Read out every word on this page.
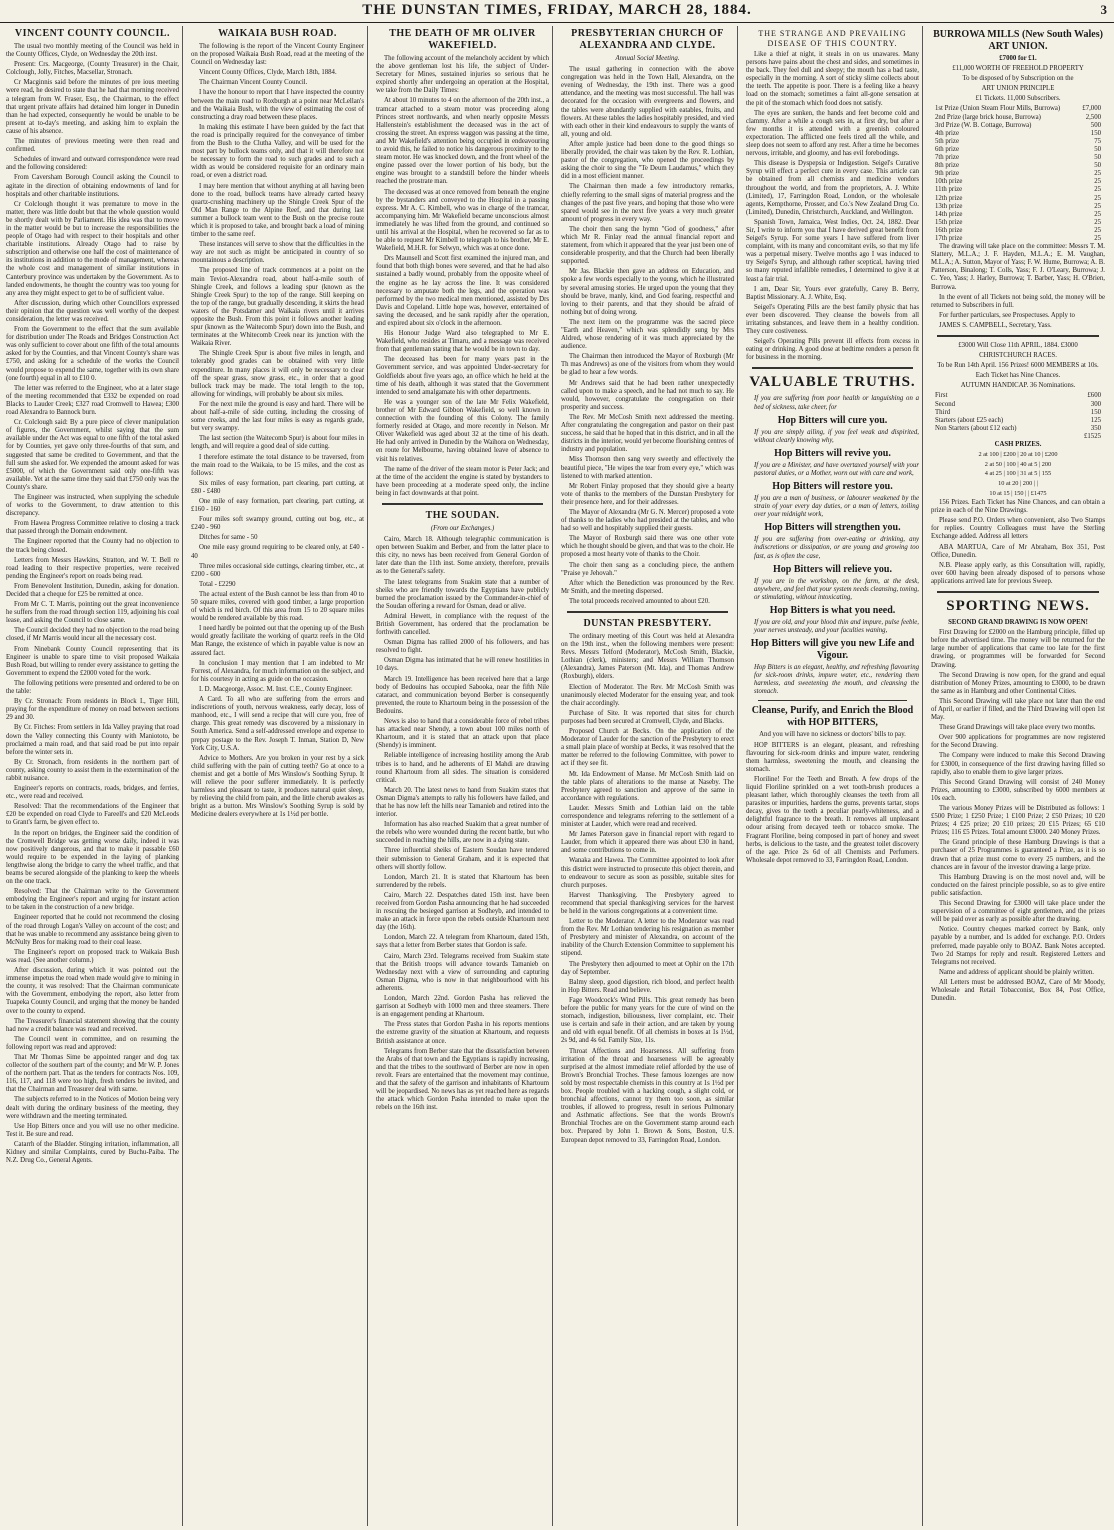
THE DUNSTAN TIMES, FRIDAY, MARCH 28, 1884.	3
VINCENT COUNTY COUNCIL.

The usual two monthly meeting of the Council was held in the County Offices, Clyde, on Wednesday the 20th inst.

Present: Crs. Macgeorge, (County Treasurer) in the Chair, Colclough, Jolly, Fitches, Macsellar, Stronach.

Cr Macginnis said before the minutes of pre ious meeting were read, he desired to state that he had that morning received a telegram from W. Fraser, Esq., the Chairman, to the effect that urgent private affairs had detained him longer in Dunedin than he had expected, consequently he would be unable to be present at to-day's meeting, and asking him to explain the cause of his absence.

The minutes of previous meeting were then read and confirmed.

Schedules of inward and outward correspondence were read and the following considered:

From Caversham Borough Council asking the Council to agitate in the direction of obtaining endowments of land for hospitals and other charitable institutions.

Cr Colclough thought it was premature to move in the matter, there was little doubt but that the whole question would be shortly dealt with by Parliament. His idea was that to move in the matter would be but to increase the responsibilities the people of Otago had with respect to their hospitals and other charitable institutions. Already Otago had to raise by subscription and otherwise one half the cost of maintenance of its institutions in addition to the mode of management, whereas the whole cost and management of similar institutions in Canterbury province was undertaken by the Government. As to landed endowments, he thought the country was too young for any area they might expect to get to be of sufficient value.

After discussion, during which other Councillors expressed their opinion that the question was well worthy of the deepest consideration, the letter was received.

From the Government to the effect that the sum available for distribution under The Roads and Bridges Construction Act was only sufficient to cover about one fifth of the total amounts asked for by the Counties, and that Vincent County's share was £750, and asking for a schedule of the works the Council would propose to expend the same, together with its own share (one fourth) equal in all to £10 0.

The letter was referred to the Engineer, who at a later stage of the meeting recommended that £332 be expended on road Blacks to Lauder Creek; £327 road Cromwell to Hawea; £300 road Alexandra to Bannock burn.

Cr. Colclough said: By a pure piece of clever manipulation of figures, the Government, whilst saying that the sum available under the Act was equal to one fifth of the total asked for by Counties, yet gave only three-fourths of that sum, and suggested that same be credited to Government, and that the full sum she asked for. We expended the amount asked for was £5000, of which the Government said only one-fifth was available. Yet at the same time they said that £750 only was the County's share.

The Engineer was instructed, when supplying the schedule of works to the Government, to draw attention to this discrepancy.

From Hawea Progress Committee relative to closing a track that passed through the Domain endowment.

The Engineer reported that the County had no objection to the track being closed.

Letters from Messrs Hawkins, Stratton, and W. T. Bell re road leading to their respective properties, were received pending the Engineer's report on roads being read.

From Benevolent Institution, Dunedin, asking for donation. Decided that a cheque for £25 be remitted at once.

From Mr C. T. Marris, pointing out the great inconvenience he suffers from the road through section 119, adjoining his coal lease, and asking the Council to close same.

The Council decided they had no objection to the road being closed, if Mr Marris would incur all the necessary cost.

From Ninebank County Council representing that its Engineer is unable to spare time to visit proposed Waikaia Bush Road, but willing to render every assistance to getting the Government to expend the £2000 voted for the work.

The following petitions were presented and ordered to be on the table:

By Cr. Stronach: From residents in Block I., Tiger Hill, praying for the expenditure of money on road between sections 29 and 30.

By Cr. Fitches: From settlers in Ida Valley praying that road down the Valley connecting this County with Maniototo, be proclaimed a main road, and that said road be put into repair before the winter sets in.

By Cr. Stronach, from residents in the northern part of county, asking county to assist them in the extermination of the rabbit nuisance.

Engineer's reports on contracts, roads, bridges, and ferries, etc., were read and received.

Resolved: That the recommendations of the Engineer that £20 be expended on road Clyde to Fareell's and £20 McLeods to Grant's farm, be given effect to.

In the report on bridges, the Engineer said the condition of the Cromwell Bridge was getting worse daily, indeed it was now positively dangerous, and that to make it passable £60 would require to be expended in the laying of planking lengthwise along the bridge to carry the wheel traffic, and that beams be secured alongside of the planking to keep the wheels on the one track.

Resolved: That the Chairman write to the Government embodying the Engineer's report and urging for instant action to be taken in the construction of a new bridge.

Engineer reported that he could not recommend the closing of the road through Logan's Valley on account of the cost; and that he was unable to recommend any assistance being given to McNulty Bros for making road to their coal lease.

The Engineer's report on proposed track to Waikaia Bush was read. (See another column.)

After discussion, during which it was pointed out the immense impetus the road when made would give to mining in the county, it was resolved: That the Chairman communicate with the Government, embodying the report, also letter from Tuapeka County Council, and urging that the money be handed over to the county to expend.

The Treasurer's financial statement showing that the county had now a credit balance was read and received.

The Council went in committee, and on resuming the following report was read and approved:

That Mr Thomas Sime be appointed ranger and dog tax collector of the southern part of the county; and Mr W. P. Jones of the northern part. That as the tenders for contracts Nos. 109, 116, 117, and 118 were too high, fresh tenders be invited, and that the Chairman and Treasurer deal with same.

The subjects referred to in the Notices of Motion being very dealt with during the ordinary business of the meeting, they were withdrawn and the meeting terminated.

Use Hop Bitters once and you will use no other medicine. Test it. Be sure and read.

Catarrh of the Bladder. Stinging irritation, inflammation, all Kidney and similar Complaints, cured by Buchu-Paiba. The N.Z. Drug Co., General Agents.

WAIKAIA BUSH ROAD.

The following is the report of the Vincent County Engineer on the proposed Waikaia Bush Road, read at the meeting of the Council on Wednesday last:

Vincent County Offices, Clyde, March 18th, 1884.

The Chairman Vincent County Council.

I have the honour to report that I have inspected the country between the main road to Roxburgh at a point near McLellan's and the Waikaia Bush, with the view of estimating the cost of constructing a dray road between these places.

In making this estimate I have been guided by the fact that the road is principally required for the conveyance of timber from the Bush to the Clutha Valley, and will be used for the most part by bullock teams only, and that it will therefore not be necessary to form the road to such grades and to such a width as would be considered requisite for an ordinary main road, or even a district road.

I may here mention that without anything at all having been done to the road, bullock teams have already carted heavy quartz-crushing machinery up the Shingle Creek Spur of the Old Man Range to the Alpine Reef, and that during last summer a bullock team went to the Bush on the precise route which it is proposed to take, and brought back a load of mining timber to the same reef.

These instances will serve to show that the difficulties in the way are not such as might be anticipated in country of so mountainous a description.

The proposed line of track commences at a point on the main Teviot-Alexandra road, about half-a-mile south of Shingle Creek, and follows a leading spur (known as the Shingle Creek Spur) to the top of the range. Still keeping on the top of the range, but gradually descending, it skirts the head waters of the Potsdamer and Waikaia rivers until it arrives opposite the Bush. From this point it follows another leading spur (known as the Waitecomb Spur) down into the Bush, and terminates at the Whitecomb Creek near its junction with the Waikaia River.

The Shingle Creek Spur is about five miles in length, and tolerably good grades can be obtained with very little expenditure. In many places it will only be necessary to clear off the spear grass, snow grass, etc., in order that a good bullock track may be made. The total length to the top, allowing for windings, will probably be about six miles.

For the next mile the ground is easy and hard. There will be about half-a-mile of side cutting, including the crossing of some creeks, and the last four miles is easy as regards grade, but very swampy.

The last section (the Waitecomb Spur) is about four miles in length, and will require a good deal of side cutting.

I therefore estimate the total distance to be traversed, from the main road to the Waikaia, to be 15 miles, and the cost as follows:

Six miles of easy formation, part clearing, part cutting, at £80 - £480

One mile of easy formation, part clearing, part cutting, at £160 - 160

Four miles soft swampy ground, cutting out bog, etc., at £240 - 960

Ditches for same - 50

One mile easy ground requiring to be cleared only, at £40 - 40

Three miles occasional side cuttings, clearing timber, etc., at £200 - 600

Total - £2290

The actual extent of the Bush cannot be less than from 40 to 50 square miles, covered with good timber, a large proportion of which is red birch. Of this area from 15 to 20 square miles would be rendered available by this road.

I need hardly be pointed out that the opening up of the Bush would greatly facilitate the working of quartz reefs in the Old Man Range, the existence of which in payable value is now an assured fact.

In conclusion I may mention that I am indebted to Mr Forrest, of Alexandra, for much information on the subject, and for his courtesy in acting as guide on the occasion.

I. D. Macgeorge, Assoc. M. Inst. C.E., County Engineer.

A Card. To all who are suffering from the errors and indiscretions of youth, nervous weakness, early decay, loss of manhood, etc., I will send a recipe that will cure you, free of charge. This great remedy was discovered by a missionary in South America. Send a self-addressed envelope and expense to prepay postage to the Rev. Joseph T. Inman, Station D, New York City, U.S.A.

Advice to Mothers. Are you broken in your rest by a sick child suffering with the pain of cutting teeth? Go at once to a chemist and get a bottle of Mrs Winslow's Soothing Syrup. It will relieve the poor sufferer immediately. It is perfectly harmless and pleasant to taste, it produces natural quiet sleep, by relieving the child from pain, and the little cherub awakes as bright as a button. Mrs Winslow's Soothing Syrup is sold by Medicine dealers everywhere at 1s 1½d per bottle.

THE DEATH OF MR OLIVER WAKEFIELD.

The following account of the melancholy accident by which the above gentleman lost his life, the subject of Under-Secretary for Mines, sustained injuries so serious that he expired shortly after undergoing an operation at the Hospital, we take from the Daily Times:

At about 10 minutes to 4 on the afternoon of the 20th inst., a tramcar attached to a steam motor was proceeding along Princes street northwards, and when nearly opposite Messrs Hallenstein's establishment the deceased was in the act of crossing the street. An express waggon was passing at the time, and Mr Wakefield's attention being occupied in endeavouring to avoid this, he failed to notice his dangerous proximity to the steam motor. He was knocked down, and the front wheel of the engine passed over the lower portion of his body, but the engine was brought to a standstill before the hinder wheels reached the prostrate man.

The deceased was at once removed from beneath the engine by the bystanders and conveyed to the Hospital in a passing express. Mr A. C. Kimbell, who was in charge of the tramcar, accompanying him. Mr Wakefield became unconscious almost immediately he was lifted from the ground, and continued so until his arrival at the Hospital, when he recovered so far as to be able to request Mr Kimbell to telegraph to his brother, Mr E. Wakefield, M.H.R. for Selwyn, which was at once done.

Drs Maunsell and Scott first examined the injured man, and found that both thigh bones were severed, and that he had also sustained a badly wound, probably from the opposite wheel of the engine as he lay across the line. It was considered necessary to amputate both the legs, and the operation was performed by the two medical men mentioned, assisted by Drs Davis and Copeland. Little hope was, however, entertained of saving the deceased, and he sank rapidly after the operation, and expired about six o'clock in the afternoon.

His Honour Judge Ward also telegraphed to Mr E. Wakefield, who resides at Timaru, and a message was received from that gentleman stating that he would be in town to day.

The deceased has been for many years past in the Government service, and was appointed Under-secretary for Goldfields about five years ago, an office which he held at the time of his death, although it was stated that the Government intended to send amalgamate his with other departments.

He was a younger son of the late Mr Felix Wakefield, brother of Mr Edward Gibbon Wakefield, so well known in connection with the founding of this Colony. The family formerly resided at Otago, and more recently in Nelson. Mr Oliver Wakefield was aged about 32 at the time of his death. He had only arrived in Dunedin by the Waihora on Wednesday, en route for Melbourne, having obtained leave of absence to visit his relatives.

The name of the driver of the steam motor is Peter Jack; and at the time of the accident the engine is stated by bystanders to have been proceeding at a moderate speed only, the incline being in fact downwards at that point.

THE SOUDAN.
(From our Exchanges.)

Cairo, March 18. Although telegraphic communication is open between Suakim and Berber, and from the latter place to this city, no news has been received from General Gordon of later date than the 11th inst. Some anxiety, therefore, prevails as to the General's safety.

The latest telegrams from Suakim state that a number of sheiks who are friendly towards the Egyptians have publicly burned the proclamation issued by the Commander-in-chief of the Soudan offering a reward for Osman, dead or alive.

Admiral Hewett, in compliance with the request of the British Government, has ordered that the proclamation be forthwith cancelled.

Osman Digma has rallied 2000 of his followers, and has resolved to fight.

Osman Digma has intimated that he will renew hostilities in 10 days.

March 19. Intelligence has been received here that a large body of Bedouins has occupied Sabooka, near the fifth Nile cataract, and communication beyond Berber is consequently prevented, the route to Khartoum being in the possession of the Bedouins.

News is also to hand that a considerable force of rebel tribes has attacked near Shendy, a town about 100 miles north of Khartoum, and it is stated that an attack upon that place (Shendy) is imminent.

Reliable intelligence of increasing hostility among the Arab tribes is to hand, and he adherents of El Mahdi are drawing round Khartoum from all sides. The situation is considered critical.

March 20. The latest news to hand from Suakim states that Osman Digma's attempts to rally his followers have failed, and that he has now left the hills near Tamanieb and retired into the interior.

Information has also reached Suakim that a great number of the rebels who were wounded during the recent battle, but who succeeded in reaching the hills, are now in a dying state.

Three influential sheiks of Eastern Soudan have tendered their submission to General Graham, and it is expected that others will shortly follow.

London, March 21. It is stated that Khartoum has been surrendered by the rebels.

Cairo, March 22. Despatches dated 15th inst. have been received from Gordon Pasha announcing that he had succeeded in rescuing the besieged garrison at Sodheyb, and intended to make an attack in force upon the rebels outside Khartoum next day (the 16th).

London, March 22. A telegram from Khartoum, dated 15th, says that a letter from Berber states that Gordon is safe.

Cairo, March 23rd. Telegrams received from Suakim state that the British troops will advance towards Tamanieb on Wednesday next with a view of surrounding and capturing Osman Digma, who is now in that neighbourhood with his adherents.

London, March 22nd. Gordon Pasha has relieved the garrison at Sodheyb with 1000 men and three steamers. There is an engagement pending at Khartoum.

The Press states that Gordon Pasha in his reports mentions the extreme gravity of the situation at Khartoum, and requests British assistance at once.

Telegrams from Berber state that the dissatisfaction between the Arabs of that town and the Egyptians is rapidly increasing, and that the tribes to the southward of Berber are now in open revolt. Fears are entertained that the movement may continue, and that the safety of the garrison and inhabitants of Khartoum will be jeopardised. No news has as yet reached here as regards the attack which Gordon Pasha intended to make upon the rebels on the 16th inst.

PRESBYTERIAN CHURCH OF ALEXANDRA AND CLYDE.
Annual Social Meeting.

The usual gathering in connection with the above congregation was held in the Town Hall, Alexandra, on the evening of Wednesday, the 19th inst. There was a good attendance, and the meeting was most successful. The hall was decorated for the occasion with evergreens and flowers, and the tables were abundantly supplied with eatables, fruits, and flowers. At these tables the ladies hospitably presided, and vied with each other in their kind endeavours to supply the wants of all, young and old.

After ample justice had been done to the good things so liberally provided, the chair was taken by the Rev. R. Lothian, pastor of the congregation, who opened the proceedings by asking the choir to sing the "Te Deum Laudamus," which they did in a most efficient manner.

The Chairman then made a few introductory remarks, chiefly referring to the small signs of material progress and the changes of the past five years, and hoping that those who were spared would see in the next five years a very much greater amount of progress in every way.

The choir then sang the hymn "God of goodness," after which Mr R. Finlay read the annual financial report and statement, from which it appeared that the year just been one of considerable prosperity, and that the Church had been liberally supported.

Mr Jas. Blackie then gave an address on Education, and spoke a few words especially to the young, which he illustrated by several amusing stories. He urged upon the young that they should be brave, manly, kind, and God fearing, respectful and loving to their parents, and that they should be afraid of nothing but of doing wrong.

The next item on the programme was the sacred piece "Earth and Heaven," which was splendidly sung by Mrs Aldred, whose rendering of it was much appreciated by the audience.

The Chairman then introduced the Mayor of Roxburgh (Mr Th mas Andrews) as one of the visitors from whom they would be glad to hear a few words.

Mr Andrews said that he had been rather unexpectedly called upon to make a speech, and he had not much to say. He would, however, congratulate the congregation on their prosperity and success.

The Rev. Mr McCosh Smith next addressed the meeting. After congratulating the congregation and pastor on their past success, he said that he hoped that in this district, and in all the districts in the interior, would yet become flourishing centres of industry and population.

Miss Thomson then sang very sweetly and effectively the beautiful piece, "He wipes the tear from every eye," which was listened to with marked attention.

Mr Robert Finlay proposed that they should give a hearty vote of thanks to the members of the Dunstan Presbytery for their presence here, and for their addresses.

The Mayor of Alexandra (Mr G. N. Mercer) proposed a vote of thanks to the ladies who had presided at the tables, and who had so well and hospitably supplied their guests.

The Mayor of Roxburgh said there was one other vote which he thought should be given, and that was to the choir. He proposed a most hearty vote of thanks to the Choir.

The choir then sang as a concluding piece, the anthem "Praise ye Jehovah."

After which the Benediction was pronounced by the Rev. Mr Smith, and the meeting dispersed.

The total proceeds received amounted to about £20.

DUNSTAN PRESBYTERY.

The ordinary meeting of this Court was held at Alexandra on the 19th inst., when the following members were present: Revs. Messrs Telford (Moderator), McCosh Smith, Blackie, Lothian (clerk), ministers; and Messrs William Thomson (Alexandra), James Paterson (Mt. Ida), and Thomas Andrew (Roxburgh), elders.

Election of Moderator. The Rev. Mr McCosh Smith was unanimously elected Moderator for the ensuing year, and took the chair accordingly.

Purchase of Site. It was reported that sites for church purposes had been secured at Cromwell, Clyde, and Blacks.

Proposed Church at Becks. On the application of the Moderator of Lauder for the sanction of the Presbytery to erect a small plain place of worship at Becks, it was resolved that the matter be referred to the following Committee, with power to act if they see fit.

Mt. Ida Endowment of Manse. Mr McCosh Smith laid on the table plans of alterations to the manse at Naseby. The Presbytery agreed to sanction and approve of the same in accordance with regulations.

Lauder. Messrs Smith and Lothian laid on the table correspondence and telegrams referring to the settlement of a minister at Lauder, which were read and received.

Mr James Paterson gave in financial report with regard to Lauder, from which it appeared there was about £30 in hand, and some contributions to come in.

Wanaka and Hawea. The Committee appointed to look after this district were instructed to prosecute this object therein, and to endeavour to secure as soon as possible, suitable sites for church purposes.

Harvest Thanksgiving. The Presbytery agreed to recommend that special thanksgiving services for the harvest be held in the various congregations at a convenient time.

Letter to the Moderator. A letter to the Moderator was read from the Rev. Mr Lothian tendering his resignation as member of Presbytery and minister of Alexandra, on account of the inability of the Church Extension Committee to supplement his stipend.

The Presbytery then adjourned to meet at Ophir on the 17th day of September.

Balmy sleep, good digestion, rich blood, and perfect health in Hop Bitters. Read and believe.

Fage Woodcock's Wind Pills. This great remedy has been before the public for many years for the cure of wind on the stomach, indigestion, biliousness, liver complaint, etc. Their use is certain and safe in their action, and are taken by young and old with equal benefit. Of all chemists in boxes at 1s 1½d, 2s 9d, and 4s 6d. Family Size, 11s.

Throat Affections and Hoarseness. All suffering from irritation of the throat and hoarseness will be agreeably surprised at the almost immediate relief afforded by the use of Brown's Bronchial Troches. These famous lozenges are now sold by most respectable chemists in this country at 1s 1½d per box. People troubled with a hacking cough, a slight cold, or bronchial affections, cannot try them too soon, as similar troubles, if allowed to progress, result in serious Pulmonary and Asthmatic affections. See that the words Brown's Bronchial Troches are on the Government stamp around each box. Prepared by John I. Brown & Sons, Boston, U.S. European depot removed to 33, Farringdon Road, London.

THE STRANGE AND PREVAILING DISEASE OF THIS COUNTRY.

Like a thief at night, it steals in on us unawares. Many persons have pains about the chest and sides, and sometimes in the back. They feel dull and sleepy; the mouth has a bad taste, especially in the morning. A sort of sticky slime collects about the teeth. The appetite is poor. There is a feeling like a heavy load on the stomach; sometimes a faint all-gone sensation at the pit of the stomach which food does not satisfy.

The eyes are sunken, the hands and feet become cold and clammy. After a while a cough sets in, at first dry, but after a few months it is attended with a greenish coloured expectoration. The afflicted one feels tired all the while, and sleep does not seem to afford any rest. After a time he becomes nervous, irritable, and gloomy, and has evil forebodings.

This disease is Dyspepsia or Indigestion. Seigel's Curative Syrup will effect a perfect cure in every case. This article can be obtained from all chemists and medicine vendors throughout the world, and from the proprietors, A. J. White (Limited), 17, Farringdon Road, London, or the wholesale agents, Kempthorne, Prosser, and Co.'s New Zealand Drug Co. (Limited), Dunedin, Christchurch, Auckland, and Wellington.

Spanish Town, Jamaica, West Indies, Oct. 24, 1882. Dear Sir, I write to inform you that I have derived great benefit from Seigel's Syrup. For some years I have suffered from liver complaint, with its many and concomitant evils, so that my life was a perpetual misery. Twelve months ago I was induced to try Seigel's Syrup, and although rather sceptical, having tried so many reputed infallible remedies, I determined to give it at least a fair trial.

I am, Dear Sir, Yours ever gratefully, Carey B. Berry, Baptist Missionary. A. J. White, Esq.

Seigel's Operating Pills are the best family physic that has ever been discovered. They cleanse the bowels from all irritating substances, and leave them in a healthy condition. They cure costiveness.

Seigel's Operating Pills prevent ill effects from excess in eating or drinking. A good dose at bedtime renders a person fit for business in the morning.

VALUABLE TRUTHS.
If you are suffering from poor health or languishing on a bed of sickness, take cheer, for
Hop Bitters will cure you.
If you are simply ailing, if you feel weak and dispirited, without clearly knowing why,
Hop Bitters will revive you.
If you are a Minister, and have overtaxed yourself with your pastoral duties, or a Mother, worn out with care and work,
Hop Bitters will restore you.
If you are a man of business, or labourer weakened by the strain of your every day duties, or a man of letters, toiling over your midnight work,
Hop Bitters will strengthen you.
If you are suffering from over-eating or drinking, any indiscretions or dissipation, or are young and growing too fast, as is often the case,
Hop Bitters will relieve you.
If you are in the workshop, on the farm, at the desk, anywhere, and feel that your system needs cleansing, toning, or stimulating, without intoxicating,
Hop Bitters is what you need.
If you are old, and your blood thin and impure, pulse feeble, your nerves unsteady, and your faculties waning,
Hop Bitters will give you new Life and Vigour.
Hop Bitters is an elegant, healthy, and refreshing flavouring for sick-room drinks, impure water, etc., rendering them harmless, and sweetening the mouth, and cleansing the stomach.
Cleanse, Purify, and Enrich the Blood with HOP BITTERS,
And you will have no sickness or doctors' bills to pay.

HOP BITTERS is an elegant, pleasant, and refreshing flavouring for sick-room drinks and impure water, rendering them harmless, sweetening the mouth, and cleansing the stomach.

Floriline! For the Teeth and Breath. A few drops of the liquid Floriline sprinkled on a wet tooth-brush produces a pleasant lather, which thoroughly cleanses the teeth from all parasites or impurities, hardens the gums, prevents tartar, stops decay, gives to the teeth a peculiar pearly-whiteness, and a delightful fragrance to the breath. It removes all unpleasant odour arising from decayed teeth or tobacco smoke. The Fragrant Floriline, being composed in part of honey and sweet herbs, is delicious to the taste, and the greatest toilet discovery of the age. Price 2s 6d of all Chemists and Perfumers. Wholesale depot removed to 33, Farringdon Road, London.

BURROWA MILLS (New South Wales) ART UNION.
£7000 for £1.
£11,000 WORTH OF FREEHOLD PROPERTY
To be disposed of by Subscription on the
ART UNION PRINCIPLE
£1 Tickets. 11,000 Subscribers.
1st Prize (Union Steam Flour Mills, Burrowa)	£7,000
2nd Prize (large brick house, Burrowa)	2,500
3rd Prize (W. B. Cottage, Burrowa)	500
4th prize	150
5th prize	75
6th prize	50
7th prize	50
8th prize	50
9th prize	25
10th prize	25
11th prize	25
12th prize	25
13th prize	25
14th prize	25
15th prize	25
16th prize	25
17th prize	25

The drawing will take place on the committee: Messrs T. M. Slattery, M.L.A.; J. F. Hayden, M.L.A.; E. M. Vaughan, M.L.A.; A. Sutton, Mayor of Yass; F. W. Hume, Burrowa; A. B. Patterson, Binalong; T. Colls, Yass; F. J. O'Leary, Burrowa; J. C. Yeo, Yass; J. Harley, Burrowa; T. Barber, Yass; H. O'Brien, Burrowa.

In the event of all Tickets not being sold, the money will be returned to Subscribers in full.

For further particulars, see Prospectuses. Apply to

JAMES S. CAMPBELL, Secretary, Yass.

£3000 Will Close 11th APRIL, 1884. £3000
CHRISTCHURCH RACES.
To be Run 14th April. 156 Prizes! 6000 MEMBERS at 10s.
Each Ticket has Nine Chances.
AUTUMN HANDICAP. 36 Nominations.
First	£600
Second	300
Third	150
Starters (about £25 each)	125
Non Starters (about £12 each)	350
£1525
CASH PRIZES.
2 at 100 | £200 | 20 at 10 | £200
2 at 50 | 100 | 40 at 5 | 200
4 at 25 | 100 | 31 at 5 | 155
10 at 20 | 200 | |
10 at 15 | 150 | | £1475

156 Prizes. Each Ticket has Nine Chances, and can obtain a prize in each of the Nine Drawings.

Please send P.O. Orders when convenient, also Two Stamps for replies. Country Colleagues must have the Sterling Exchange added. Address all letters

ABA MARTUA, Care of Mr Abraham, Box 351, Post Office, Dunedin.

N.B. Please apply early, as this Consultation will, rapidly, over 600 having been already disposed of to persons whose applications arrived late for previous Sweep.

SPORTING NEWS.
SECOND GRAND DRAWING IS NOW OPEN!

First Drawing for £2000 on the Hamburg principle, filled up before the advertised time. The money will be returned for the large number of applications that came too late for the first drawing, or programmes will be forwarded for Second Drawing.

The Second Drawing is now open, for the grand and equal distribution of Money Prizes, amounting to £3000, to be drawn the same as in Hamburg and other Continental Cities.

This Second Drawing will take place not later than the end of April, or earlier if filled, and the Third Drawing will open 1st May.

These Grand Drawings will take place every two months.

Over 900 applications for programmes are now registered for the Second Drawing.

The Company were induced to make this Second Drawing for £3000, in consequence of the first drawing having filled so rapidly, also to enable them to give larger prizes.

This Second Grand Drawing will consist of 240 Money Prizes, amounting to £3000, subscribed by 6000 members at 10s each.

The various Money Prizes will be Distributed as follows: 1 £500 Prize; 1 £250 Prize; 1 £100 Prize; 2 £50 Prizes; 10 £20 Prizes; 4 £25 prize; 20 £10 prizes; 20 £15 Prizes; 65 £10 Prizes; 116 £5 Prizes. Total amount £3000. 240 Money Prizes.

The Grand principle of these Hamburg Drawings is that a purchaser of 25 Programmes is guaranteed a Prize, as it is so drawn that a prize must come to every 25 numbers, and the chances are in favour of the investor drawing a large prize.

This Hamburg Drawing is on the most novel and, will be conducted on the fairest principle possible, so as to give entire public satisfaction.

This Second Drawing for £3000 will take place under the supervision of a committee of eight gentlemen, and the prizes will be paid over as early as possible after the drawing.

Notice. Country cheques marked correct by Bank, only payable by a number, and 1s added for exchange. P.O. Orders preferred, made payable only to BOAZ. Bank Notes accepted. Two 2d Stamps for reply and result. Registered Letters and Telegrams not received.

Name and address of applicant should be plainly written.

All Letters must be addressed BOAZ, Care of Mr Moody, Wholesale and Retail Tobacconist, Box 84, Post Office, Dunedin.
